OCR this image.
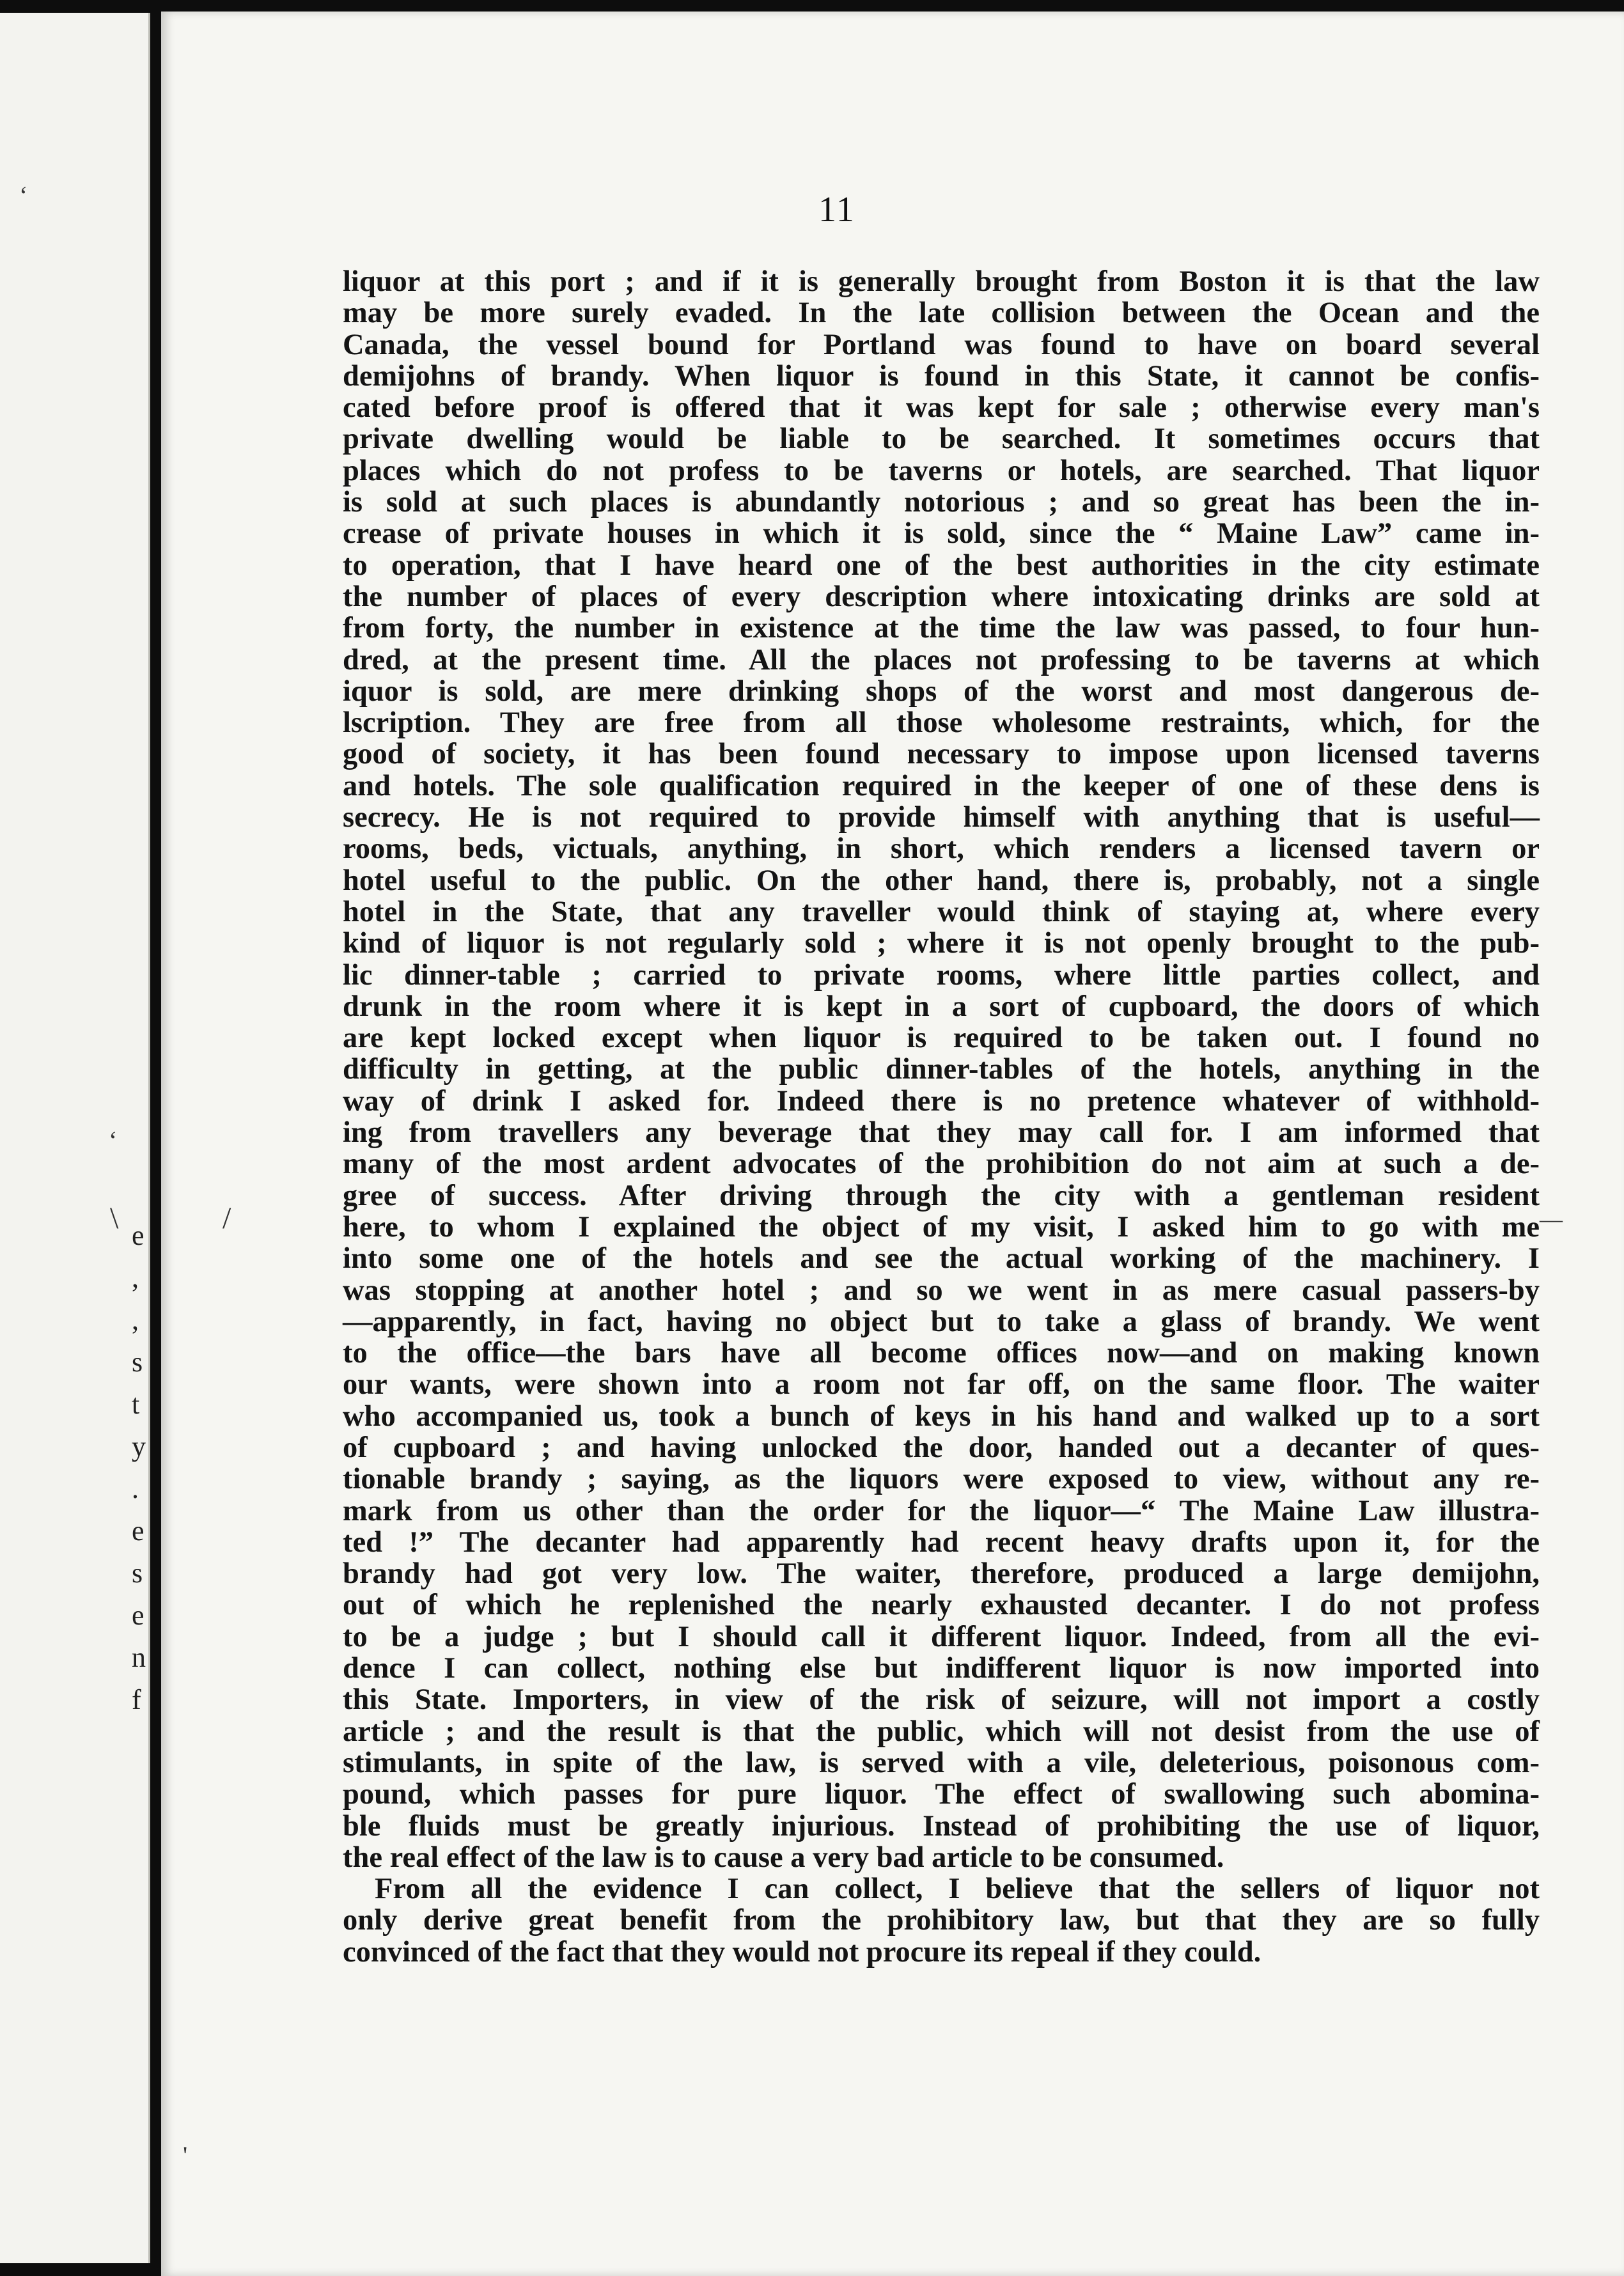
‘
‘
e
,
,
s
t
y
.
e
s
e
n
f
11
\	/	—
'
liquor at this port ; and if it is generally brought from Boston it is that the law
may be more surely evaded. In the late collision between the Ocean and the
Canada, the vessel bound for Portland was found to have on board several
demijohns of brandy. When liquor is found in this State, it cannot be confis-
cated before proof is offered that it was kept for sale ; otherwise every man's
private dwelling would be liable to be searched. It sometimes occurs that
places which do not profess to be taverns or hotels, are searched. That liquor
is sold at such places is abundantly notorious ; and so great has been the in-
crease of private houses in which it is sold, since the “ Maine Law” came in-
to operation, that I have heard one of the best authorities in the city estimate
the number of places of every description where intoxicating drinks are sold at
from forty, the number in existence at the time the law was passed, to four hun-
dred, at the present time. All the places not professing to be taverns at which
iquor is sold, are mere drinking shops of the worst and most dangerous de-
lscription. They are free from all those wholesome restraints, which, for the
good of society, it has been found necessary to impose upon licensed taverns
and hotels. The sole qualification required in the keeper of one of these dens is
secrecy. He is not required to provide himself with anything that is useful—
rooms, beds, victuals, anything, in short, which renders a licensed tavern or
hotel useful to the public. On the other hand, there is, probably, not a single
hotel in the State, that any traveller would think of staying at, where every
kind of liquor is not regularly sold ; where it is not openly brought to the pub-
lic dinner-table ; carried to private rooms, where little parties collect, and
drunk in the room where it is kept in a sort of cupboard, the doors of which
are kept locked except when liquor is required to be taken out. I found no
difficulty in getting, at the public dinner-tables of the hotels, anything in the
way of drink I asked for. Indeed there is no pretence whatever of withhold-
ing from travellers any beverage that they may call for. I am informed that
many of the most ardent advocates of the prohibition do not aim at such a de-
gree of success. After driving through the city with a gentleman resident
here, to whom I explained the object of my visit, I asked him to go with me
into some one of the hotels and see the actual working of the machinery. I
was stopping at another hotel ; and so we went in as mere casual passers-by
—apparently, in fact, having no object but to take a glass of brandy. We went
to the office—the bars have all become offices now—and on making known
our wants, were shown into a room not far off, on the same floor. The waiter
who accompanied us, took a bunch of keys in his hand and walked up to a sort
of cupboard ; and having unlocked the door, handed out a decanter of ques-
tionable brandy ; saying, as the liquors were exposed to view, without any re-
mark from us other than the order for the liquor—“ The Maine Law illustra-
ted !” The decanter had apparently had recent heavy drafts upon it, for the
brandy had got very low. The waiter, therefore, produced a large demijohn,
out of which he replenished the nearly exhausted decanter. I do not profess
to be a judge ; but I should call it different liquor. Indeed, from all the evi-
dence I can collect, nothing else but indifferent liquor is now imported into
this State. Importers, in view of the risk of seizure, will not import a costly
article ; and the result is that the public, which will not desist from the use of
stimulants, in spite of the law, is served with a vile, deleterious, poisonous com-
pound, which passes for pure liquor. The effect of swallowing such abomina-
ble fluids must be greatly injurious. Instead of prohibiting the use of liquor,
the real effect of the law is to cause a very bad article to be consumed.
From all the evidence I can collect, I believe that the sellers of liquor not
only derive great benefit from the prohibitory law, but that they are so fully
convinced of the fact that they would not procure its repeal if they could.
